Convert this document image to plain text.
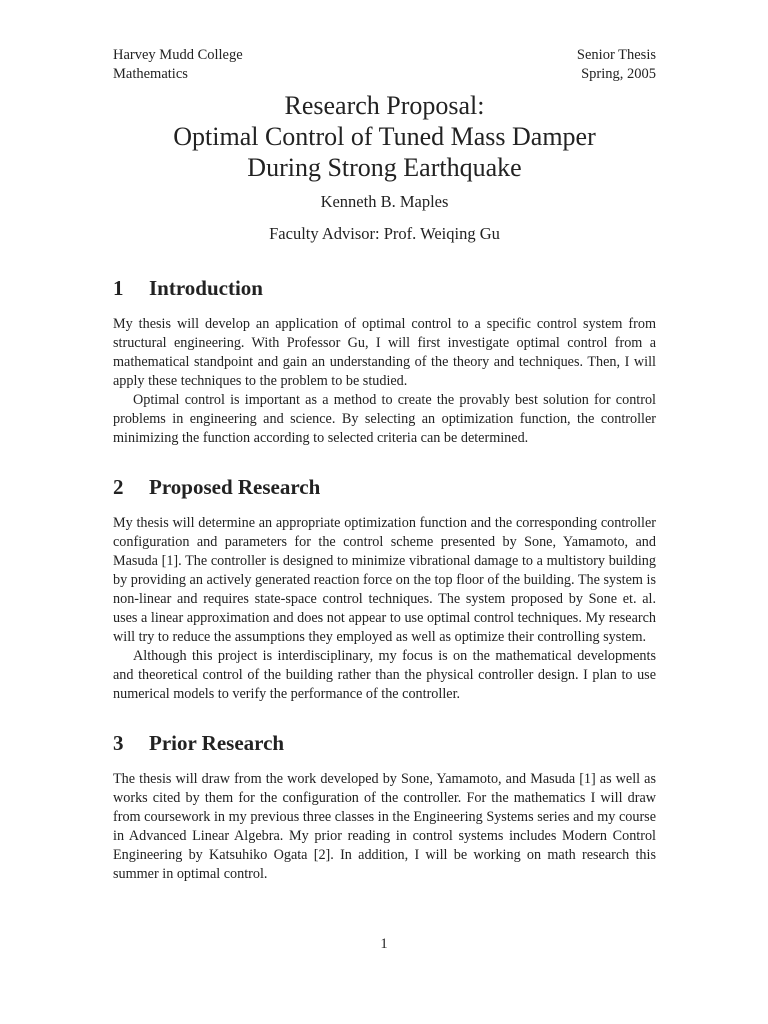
Harvey Mudd College
Mathematics
Senior Thesis
Spring, 2005
Research Proposal:
Optimal Control of Tuned Mass Damper
During Strong Earthquake
Kenneth B. Maples
Faculty Advisor: Prof. Weiqing Gu
1	Introduction

My thesis will develop an application of optimal control to a specific control system from structural engineering. With Professor Gu, I will first investigate optimal control from a mathematical standpoint and gain an understanding of the theory and techniques. Then, I will apply these techniques to the problem to be studied.

Optimal control is important as a method to create the provably best solution for control problems in engineering and science. By selecting an optimization function, the controller minimizing the function according to selected criteria can be determined.

2	Proposed Research

My thesis will determine an appropriate optimization function and the corresponding controller configuration and parameters for the control scheme presented by Sone, Yamamoto, and Masuda [1]. The controller is designed to minimize vibrational damage to a multistory building by providing an actively generated reaction force on the top floor of the building. The system is non-linear and requires state-space control techniques. The system proposed by Sone et. al. uses a linear approximation and does not appear to use optimal control techniques. My research will try to reduce the assumptions they employed as well as optimize their controlling system.

Although this project is interdisciplinary, my focus is on the mathematical developments and theoretical control of the building rather than the physical controller design. I plan to use numerical models to verify the performance of the controller.

3	Prior Research

The thesis will draw from the work developed by Sone, Yamamoto, and Masuda [1] as well as works cited by them for the configuration of the controller. For the mathematics I will draw from coursework in my previous three classes in the Engineering Systems series and my course in Advanced Linear Algebra. My prior reading in control systems includes Modern Control Engineering by Katsuhiko Ogata [2]. In addition, I will be working on math research this summer in optimal control.

1
